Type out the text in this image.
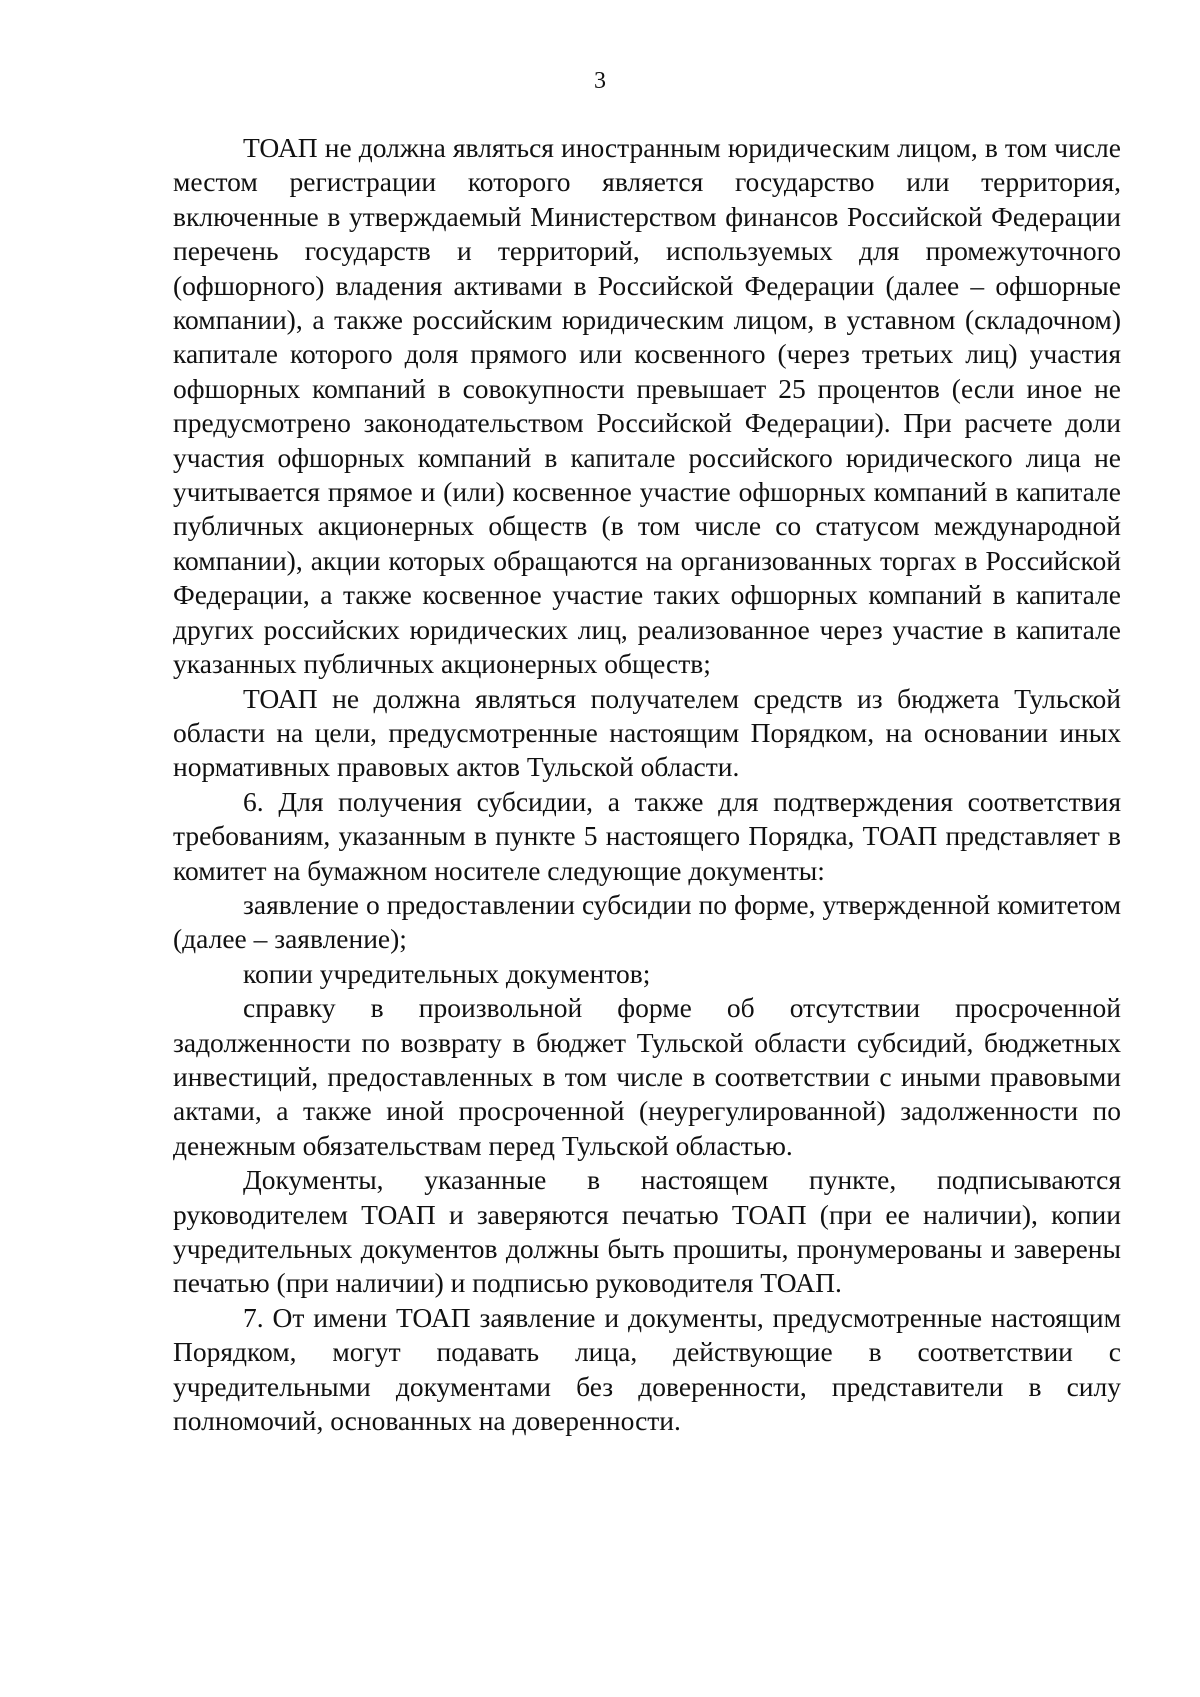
3

ТОАП не должна являться иностранным юридическим лицом, в том числе местом регистрации которого является государство или территория, включенные в утверждаемый Министерством финансов Российской Федерации перечень государств и территорий, используемых для промежуточного (офшорного) владения активами в Российской Федерации (далее – офшорные компании), а также российским юридическим лицом, в уставном (складочном) капитале которого доля прямого или косвенного (через третьих лиц) участия офшорных компаний в совокупности превышает 25 процентов (если иное не предусмотрено законодательством Российской Федерации). При расчете доли участия офшорных компаний в капитале российского юридического лица не учитывается прямое и (или) косвенное участие офшорных компаний в капитале публичных акционерных обществ (в том числе со статусом международной компании), акции которых обращаются на организованных торгах в Российской Федерации, а также косвенное участие таких офшорных компаний в капитале других российских юридических лиц, реализованное через участие в капитале указанных публичных акционерных обществ;

ТОАП не должна являться получателем средств из бюджета Тульской области на цели, предусмотренные настоящим Порядком, на основании иных нормативных правовых актов Тульской области.

6. Для получения субсидии, а также для подтверждения соответствия требованиям, указанным в пункте 5 настоящего Порядка, ТОАП представляет в комитет на бумажном носителе следующие документы:

заявление о предоставлении субсидии по форме, утвержденной комитетом (далее – заявление);

копии учредительных документов;

справку в произвольной форме об отсутствии просроченной задолженности по возврату в бюджет Тульской области субсидий, бюджетных инвестиций, предоставленных в том числе в соответствии с иными правовыми актами, а также иной просроченной (неурегулированной) задолженности по денежным обязательствам перед Тульской областью.

Документы, указанные в настоящем пункте, подписываются руководителем ТОАП и заверяются печатью ТОАП (при ее наличии), копии учредительных документов должны быть прошиты, пронумерованы и заверены печатью (при наличии) и подписью руководителя ТОАП.

7. От имени ТОАП заявление и документы, предусмотренные настоящим Порядком, могут подавать лица, действующие в соответствии с учредительными документами без доверенности, представители в силу полномочий, основанных на доверенности.
